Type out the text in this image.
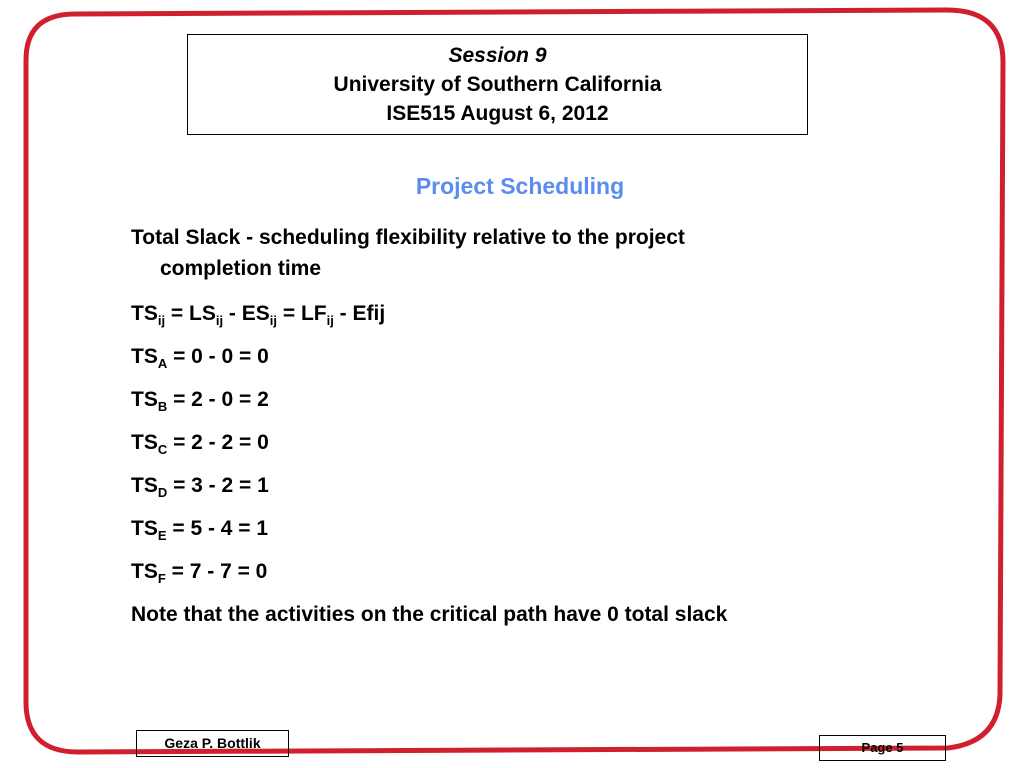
Session 9
University of Southern California
ISE515 August 6, 2012
Project Scheduling
Total Slack - scheduling flexibility relative to the project
completion time
$TS_{ij} = LS_{ij} - ES_{ij} = LF_{ij}$ - Efij
$TS_A = 0 - 0 = 0$
$TS_B = 2 - 0 = 2$
$TS_C = 2 - 2 = 0$
$TS_D = 3 - 2 = 1$
$TS_E = 5 - 4 = 1$
$TS_F = 7 - 7 = 0$
Note that the activities on the critical path have 0 total slack
Geza P. Bottlik	Page 5
